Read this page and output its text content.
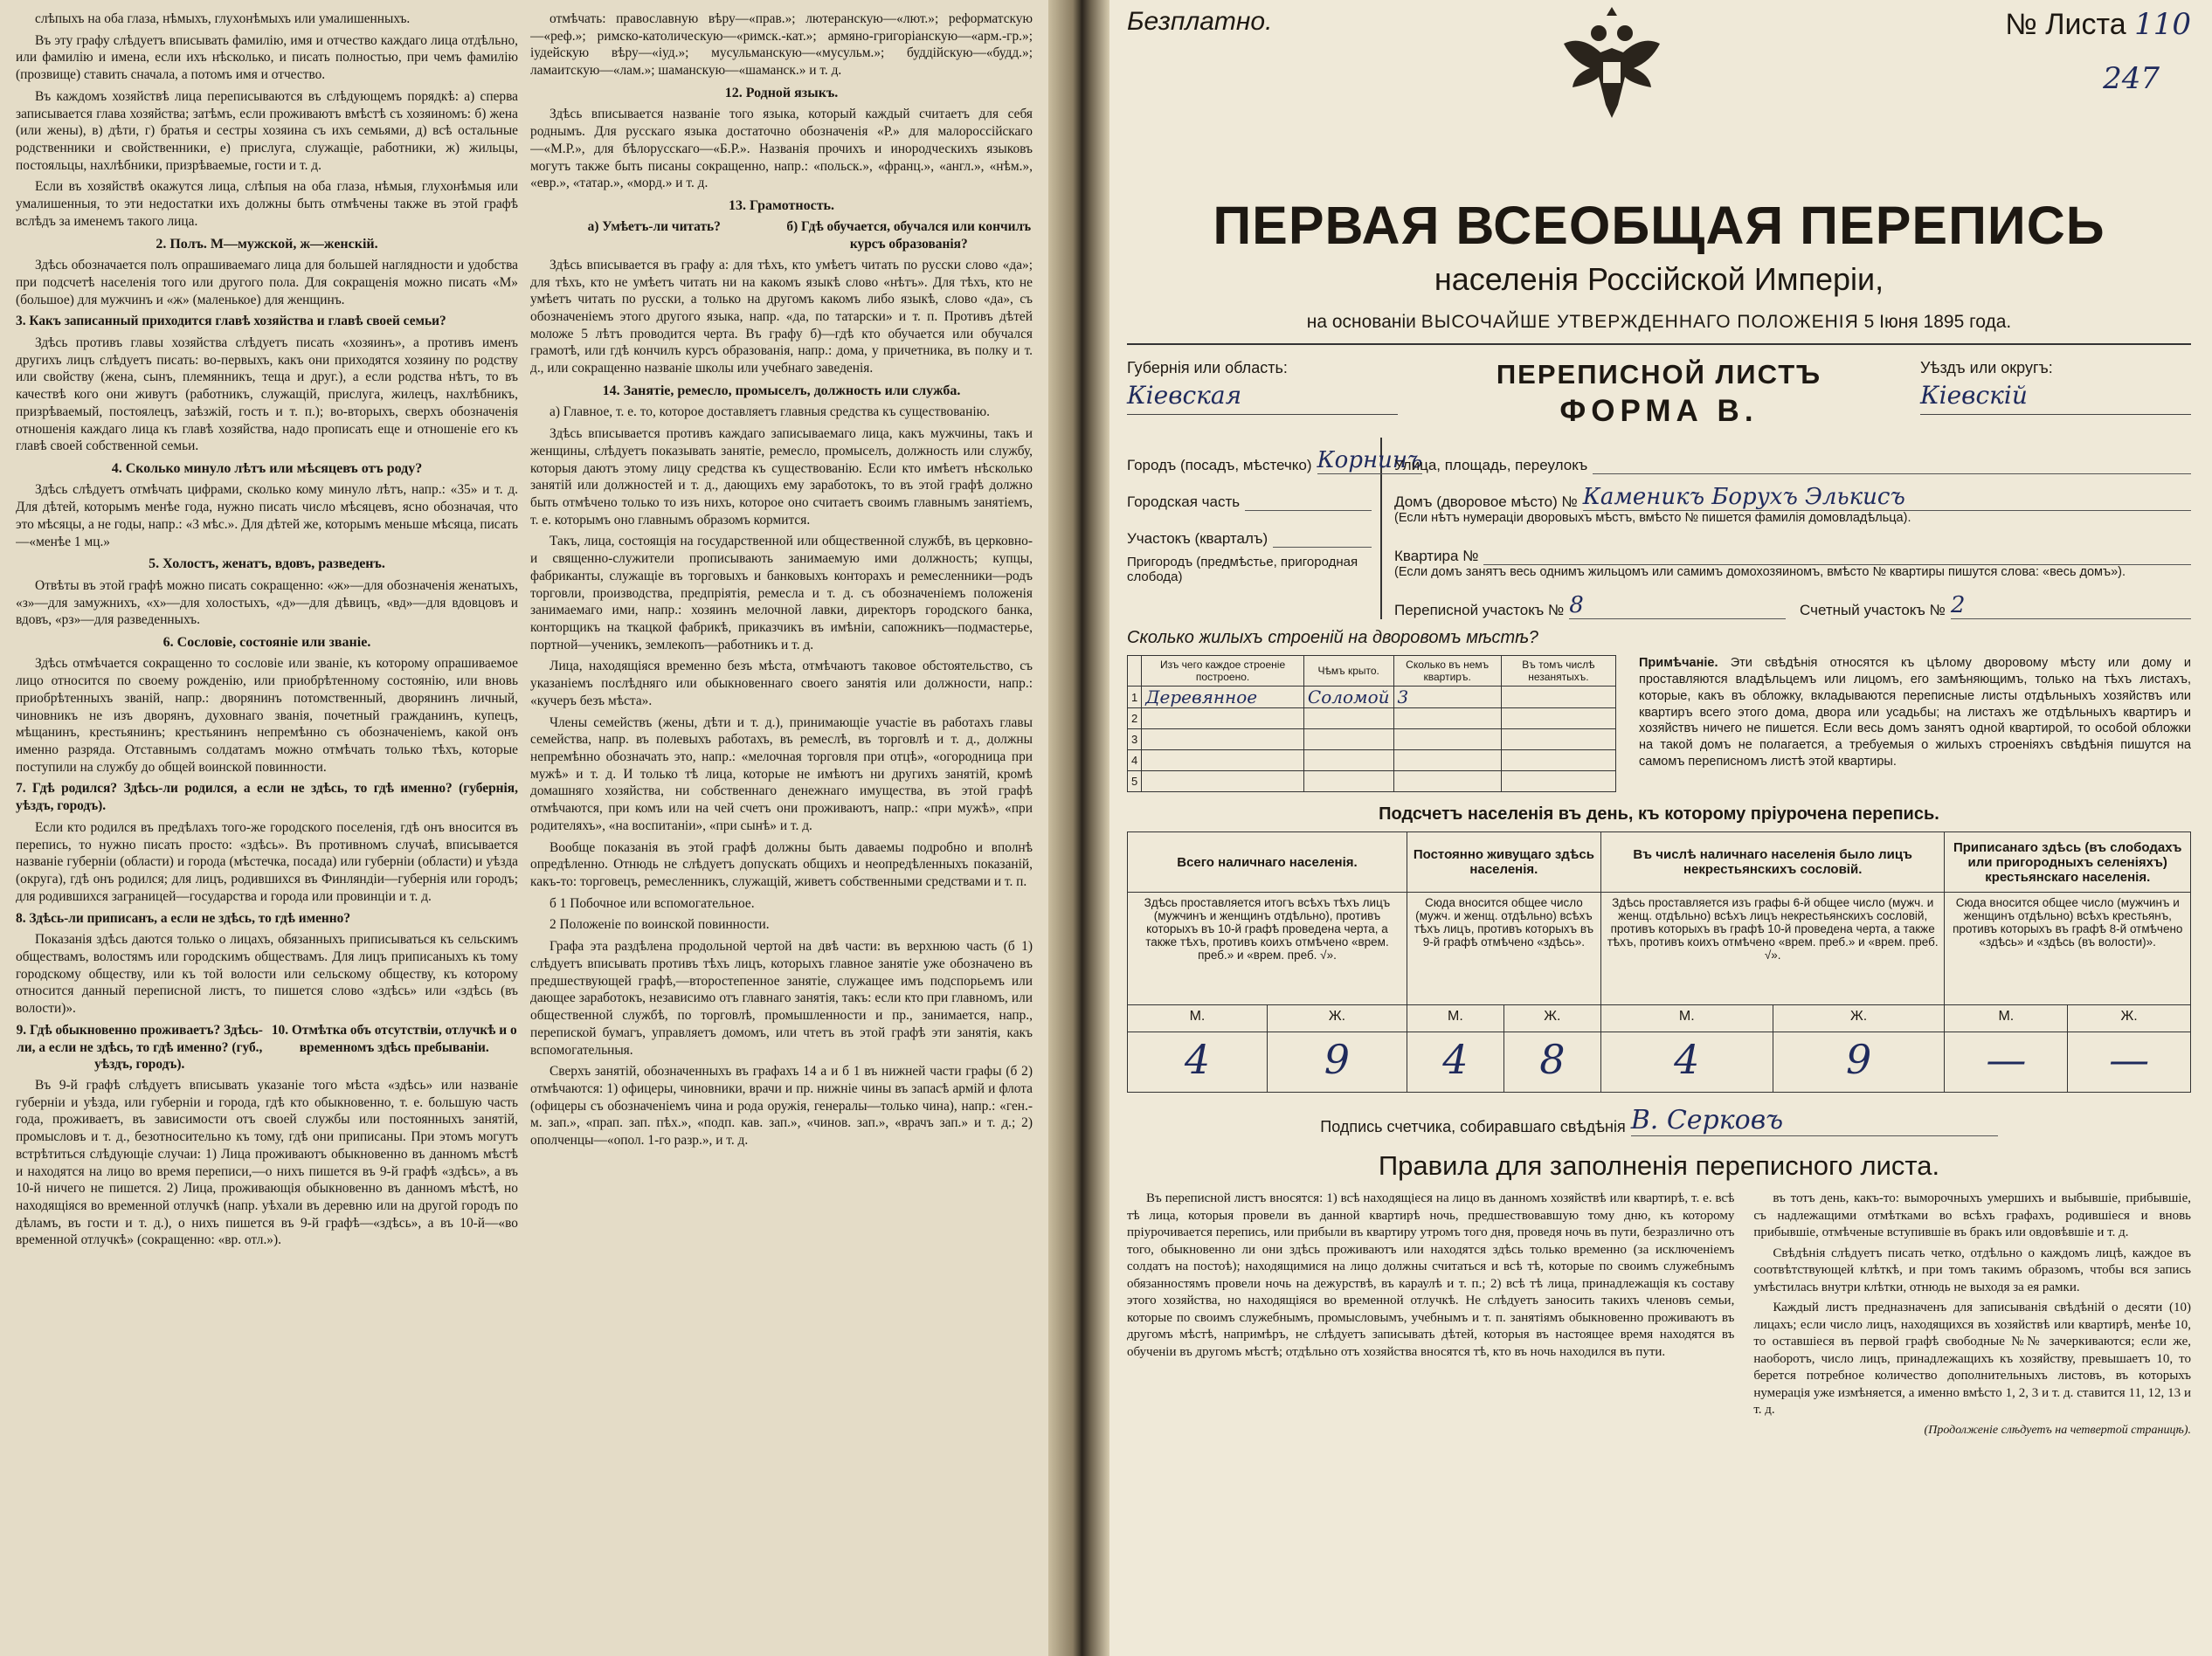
слѣпыхъ на оба глаза, нѣмыхъ, глухонѣмыхъ или умалишенныхъ.

Въ эту графу слѣдуетъ вписывать фамилію, имя и отчество каждаго лица отдѣльно, или фамилію и имена, если ихъ нѣсколько, и писать полностью, при чемъ фамилію (прозвище) ставить сначала, а потомъ имя и отчество.

Въ каждомъ хозяйствѣ лица переписываются въ слѣдующемъ порядкѣ: а) сперва записывается глава хозяйства; затѣмъ, если проживаютъ вмѣстѣ съ хозяиномъ: б) жена (или жены), в) дѣти, г) братья и сестры хозяина съ ихъ семьями, д) всѣ остальные родственники и свойственники, е) прислуга, служащіе, работники, ж) жильцы, постояльцы, нахлѣбники, призрѣваемые, гости и т. д.

Если въ хозяйствѣ окажутся лица, слѣпыя на оба глаза, нѣмыя, глухонѣмыя или умалишенныя, то эти недостатки ихъ должны быть отмѣчены также въ этой графѣ вслѣдъ за именемъ такого лица.

2. Полъ. М—мужской, ж—женскій.

Здѣсь обозначается полъ опрашиваемаго лица для большей наглядности и удобства при подсчетѣ населенія того или другого пола. Для сокращенія можно писать «М» (большое) для мужчинъ и «ж» (маленькое) для женщинъ.

3. Какъ записанный приходится главѣ хозяйства и главѣ своей семьи?

Здѣсь противъ главы хозяйства слѣдуетъ писать «хозяинъ», а противъ именъ другихъ лицъ слѣдуетъ писать: во-первыхъ, какъ они приходятся хозяину по родству или свойству (жена, сынъ, племянникъ, теща и друг.), а если родства нѣтъ, то въ качествѣ кого они живутъ (работникъ, служащій, прислуга, жилецъ, нахлѣбникъ, призрѣваемый, постоялецъ, заѣзжій, гость и т. п.); во-вторыхъ, сверхъ обозначенія отношенія каждаго лица къ главѣ хозяйства, надо прописать еще и отношеніе его къ главѣ своей собственной семьи.

4. Сколько минуло лѣтъ или мѣсяцевъ отъ роду?

Здѣсь слѣдуетъ отмѣчать цифрами, сколько кому минуло лѣтъ, напр.: «35» и т. д. Для дѣтей, которымъ менѣе года, нужно писать число мѣсяцевъ, ясно обозначая, что это мѣсяцы, а не годы, напр.: «3 мѣс.». Для дѣтей же, которымъ меньше мѣсяца, писать—«менѣе 1 мц.»

5. Холостъ, женатъ, вдовъ, разведенъ.

Отвѣты въ этой графѣ можно писать сокращенно: «ж»—для обозначенія женатыхъ, «з»—для замужнихъ, «х»—для холостыхъ, «д»—для дѣвицъ, «вд»—для вдовцовъ и вдовъ, «рз»—для разведенныхъ.

6. Сословіе, состояніе или званіе.

Здѣсь отмѣчается сокращенно то сословіе или званіе, къ которому опрашиваемое лицо относится по своему рожденію, или приобрѣтенному состоянію, или вновь приобрѣтенныхъ званій, напр.: дворянинъ потомственный, дворянинъ личный, чиновникъ не изъ дворянъ, духовнаго званія, почетный гражданинъ, купецъ, мѣщанинъ, крестьянинъ; крестьянинъ непремѣнно съ обозначеніемъ, какой онъ именно разряда. Отставнымъ солдатамъ можно отмѣчать только тѣхъ, которые поступили на службу до общей воинской повинности.

7. Гдѣ родился? Здѣсь-ли родился, а если не здѣсь, то гдѣ именно? (губернія, уѣздъ, городъ).

Если кто родился въ предѣлахъ того-же городского поселенія, гдѣ онъ вносится въ перепись, то нужно писать просто: «здѣсь». Въ противномъ случаѣ, вписывается названіе губерніи (области) и города (мѣстечка, посада) или губерніи (области) и уѣзда (округа), гдѣ онъ родился; для лицъ, родившихся въ Финляндіи—губернія или городъ; для родившихся заграницей—государства и города или провинціи и т. д.

8. Здѣсь-ли приписанъ, а если не здѣсь, то гдѣ именно?

Показанія здѣсь даются только о лицахъ, обязанныхъ приписываться къ сельскимъ обществамъ, волостямъ или городскимъ обществамъ. Для лицъ приписаныхъ къ тому городскому обществу, или къ той волости или сельскому обществу, къ которому относится данный переписной листъ, то пишется слово «здѣсь» или «здѣсь (въ волости)».

9. Гдѣ обыкновенно проживаетъ? Здѣсь-ли, а если не здѣсь, то гдѣ именно? (губ., уѣздъ, городъ).
10. Отмѣтка объ отсутствіи, отлучкѣ и о временномъ здѣсь пребываніи.

Въ 9-й графѣ слѣдуетъ вписывать указаніе того мѣста «здѣсь» или названіе губерніи и уѣзда, или губерніи и города, гдѣ кто обыкновенно, т. е. большую часть года, проживаетъ, въ зависимости отъ своей службы или постоянныхъ занятій, промысловъ и т. д., безотносительно къ тому, гдѣ они приписаны. При этомъ могутъ встрѣтиться слѣдующіе случаи: 1) Лица проживаютъ обыкновенно въ данномъ мѣстѣ и находятся на лицо во время переписи,—о нихъ пишется въ 9-й графѣ «здѣсь», а въ 10-й ничего не пишется. 2) Лица, проживающія обыкновенно въ данномъ мѣстѣ, но находящіяся во временной отлучкѣ (напр. уѣхали въ деревню или на другой городъ по дѣламъ, въ гости и т. д.), о нихъ пишется въ 9-й графѣ—«здѣсь», а въ 10-й—«во временной отлучкѣ» (сокращенно: «вр. отл.»).

отмѣчать: православную вѣру—«прав.»; лютеранскую—«лют.»; реформатскую—«реф.»; римско-католическую—«римск.-кат.»; армяно-григоріанскую—«арм.-гр.»; іудейскую вѣру—«іуд.»; мусульманскую—«мусульм.»; буддійскую—«будд.»; ламаитскую—«лам.»; шаманскую—«шаманск.» и т. д.

12. Родной языкъ.

Здѣсь вписывается названіе того языка, который каждый считаетъ для себя роднымъ. Для русскаго языка достаточно обозначенія «Р.» для малороссійскаго—«М.Р.», для бѣлорусскаго—«Б.Р.». Названія прочихъ и инородческихъ языковъ могутъ также быть писаны сокращенно, напр.: «польск.», «франц.», «англ.», «нѣм.», «евр.», «татар.», «морд.» и т. д.

13. Грамотность.

а) Умѣетъ-ли читать?	б) Гдѣ обучается, обучался или кончилъ курсъ образованія?

Здѣсь вписывается въ графу а: для тѣхъ, кто умѣетъ читать по русски слово «да»; для тѣхъ, кто не умѣетъ читать ни на какомъ языкѣ слово «нѣтъ». Для тѣхъ, кто не умѣетъ читать по русски, а только на другомъ какомъ либо языкѣ, слово «да», съ обозначеніемъ этого другого языка, напр. «да, по татарски» и т. п. Противъ дѣтей моложе 5 лѣтъ проводится черта. Въ графу б)—гдѣ кто обучается или обучался грамотѣ, или гдѣ кончилъ курсъ образованія, напр.: дома, у причетника, въ полку и т. д., или сокращенно названіе школы или учебнаго заведенія.

14. Занятіе, ремесло, промыселъ, должность или служба.

а) Главное, т. е. то, которое доставляетъ главныя средства къ существованію.

Здѣсь вписывается противъ каждаго записываемаго лица, какъ мужчины, такъ и женщины, слѣдуетъ показывать занятіе, ремесло, промыселъ, должность или службу, которыя даютъ этому лицу средства къ существованію. Если кто имѣетъ нѣсколько занятій или должностей и т. д., дающихъ ему заработокъ, то въ этой графѣ должно быть отмѣчено только то изъ нихъ, которое оно считаетъ своимъ главнымъ занятіемъ, т. е. которымъ оно главнымъ образомъ кормится.

Такъ, лица, состоящія на государственной или общественной службѣ, въ церковно-и священно-служители прописывають занимаемую ими должность; купцы, фабриканты, служащіе въ торговыхъ и банковыхъ конторахъ и ремесленники—родъ торговли, производства, предпріятія, ремесла и т. д. съ обозначеніемъ положенія занимаемаго ими, напр.: хозяинъ мелочной лавки, директоръ городского банка, конторщикъ на ткацкой фабрикѣ, приказчикъ въ имѣніи, сапожникъ—подмастерье, портной—ученикъ, землекопъ—работникъ и т. д.

Лица, находящіяся временно безъ мѣста, отмѣчаютъ таковое обстоятельство, съ указаніемъ послѣдняго или обыкновеннаго своего занятія или должности, напр.: «кучеръ безъ мѣста».

Члены семействъ (жены, дѣти и т. д.), принимающіе участіе въ работахъ главы семейства, напр. въ полевыхъ работахъ, въ ремеслѣ, въ торговлѣ и т. д., должны непремѣнно обозначать это, напр.: «мелочная торговля при отцѣ», «огородница при мужѣ» и т. д. И только тѣ лица, которые не имѣютъ ни другихъ занятій, кромѣ домашняго хозяйства, ни собственнаго денежнаго имущества, въ этой графѣ отмѣчаются, при комъ или на чей счетъ они проживаютъ, напр.: «при мужѣ», «при родителяхъ», «на воспитаніи», «при сынѣ» и т. д.

Вообще показанія въ этой графѣ должны быть даваемы подробно и вполнѣ опредѣленно. Отнюдь не слѣдуетъ допускать общихъ и неопредѣленныхъ показаній, какъ-то: торговецъ, ремесленникъ, служащій, живетъ собственными средствами и т. п.

б 1 Побочное или вспомогательное.

2 Положеніе по воинской повинности.

Графа эта раздѣлена продольной чертой на двѣ части: въ верхнюю часть (б 1) слѣдуетъ вписывать противъ тѣхъ лицъ, которыхъ главное занятіе уже обозначено въ предшествующей графѣ,—второстепенное занятіе, служащее имъ подспорьемъ или дающее заработокъ, независимо отъ главнаго занятія, такъ: если кто при главномъ, или общественной службѣ, по торговлѣ, промышленности и пр., занимается, напр., перепиской бумагъ, управляетъ домомъ, или чтетъ въ этой графѣ эти занятія, какъ вспомогательныя.

Сверхъ занятій, обозначенныхъ въ графахъ 14 а и б 1 въ нижней части графы (б 2) отмѣчаются: 1) офицеры, чиновники, врачи и пр. нижніе чины въ запасѣ армій и флота (офицеры съ обозначеніемъ чина и рода оружія, генералы—только чина), напр.: «ген.-м. зап.», «прап. зап. пѣх.», «подп. кав. зап.», «чинов. зап.», «врачъ зап.» и т. д.; 2) ополченцы—«опол. 1-го разр.», и т. д.

Безплатно.	№ Листа 110
247
ПЕРВАЯ ВСЕОБЩАЯ ПЕРЕПИСЬ
населенія Россійской Имперіи,
на основаніи ВЫСОЧАЙШЕ УТВЕРЖДЕННАГО ПОЛОЖЕНІЯ 5 Іюня 1895 года.
Губернія или область:
Кіевская
ПЕРЕПИСНОЙ ЛИСТЪ
ФОРМА В.
Уѣздъ или округъ:
Кіевскій
Городъ (посадъ, мѣстечко) Корнинъ
Городская часть
Участокъ (кварталъ)
Пригородъ (предмѣстье, пригородная слобода)
Улица, площадь, переулокъ
Домъ (дворовое мѣсто) № Каменикъ Борухъ Элькисъ

(Если нѣтъ нумераціи дворовыхъ мѣстъ, вмѣсто № пишется фамилія домовладѣльца).

Квартира №

(Если домъ занятъ весь однимъ жильцомъ или самимъ домохозяиномъ, вмѣсто № квартиры пишутся слова: «весь домъ»).

Переписной участокъ № 8	Счетный участокъ № 2
Сколько жилыхъ строеній на дворовомъ мѣстѣ?
	Изъ чего каждое строеніе построено.	Чѣмъ крыто.	Сколько въ немъ квартиръ.	Въ томъ числѣ незанятыхъ.
1	Деревянное	Соломой	3	
2				
3				
4				
5				
Примѣчаніе. Эти свѣдѣнія относятся къ цѣлому дворовому мѣсту или дому и проставляются владѣльцемъ или лицомъ, его замѣняющимъ, только на тѣхъ листахъ, которые, какъ въ обложку, вкладываются переписные листы отдѣльныхъ хозяйствъ или квартиръ всего этого дома, двора или усадьбы; на листахъ же отдѣльныхъ квартиръ и хозяйствъ ничего не пишется. Если весь домъ занятъ одной квартирой, то особой обложки на такой домъ не полагается, а требуемыя о жилыхъ строеніяхъ свѣдѣнія пишутся на самомъ переписномъ листѣ этой квартиры.
Подсчетъ населенія въ день, къ которому пріурочена перепись.
Всего наличнаго населенія.		Постоянно живущаго здѣсь населенія.		Въ числѣ наличнаго населенія было лицъ некрестьянскихъ сословій.		Приписанаго здѣсь (въ слободахъ или пригородныхъ селеніяхъ) крестьянскаго населенія.	
Здѣсь проставляется итогъ всѣхъ тѣхъ лицъ (мужчинъ и женщинъ отдѣльно), противъ которыхъ въ 10-й графѣ проведена черта, а также тѣхъ, противъ коихъ отмѣчено «врем. преб.» и «врем. преб. √».		Сюда вносится общее число (мужч. и женщ. отдѣльно) всѣхъ тѣхъ лицъ, противъ которыхъ въ 9-й графѣ отмѣчено «здѣсь».		Здѣсь проставляется изъ графы 6-й общее число (мужч. и женщ. отдѣльно) всѣхъ лицъ некрестьянскихъ сословій, противъ которыхъ въ графѣ 10-й проведена черта, а также тѣхъ, противъ коихъ отмѣчено «врем. преб.» и «врем. преб. √».		Сюда вносится общее число (мужчинъ и женщинъ отдѣльно) всѣхъ крестьянъ, противъ которыхъ въ графѣ 8-й отмѣчено «здѣсь» и «здѣсь (въ волости)».	
М.	Ж.	М.	Ж.	М.	Ж.	М.	Ж.
4	9	4	8	4	9	—	—
Подпись счетчика, собиравшаго свѣдѣнія В. Серковъ
Правила для заполненія переписного листа.

Въ переписной листъ вносятся: 1) всѣ находящіеся на лицо въ данномъ хозяйствѣ или квартирѣ, т. е. всѣ тѣ лица, которыя провели въ данной квартирѣ ночь, предшествовавшую тому дню, къ которому пріурочивается перепись, или прибыли въ квартиру утромъ того дня, проведя ночь въ пути, безразлично отъ того, обыкновенно ли они здѣсь проживаютъ или находятся здѣсь только временно (за исключеніемъ солдатъ на постоѣ); находящимися на лицо должны считаться и всѣ тѣ, которые по своимъ служебнымъ обязанностямъ провели ночь на дежурствѣ, въ караулѣ и т. п.; 2) всѣ тѣ лица, принадлежащія къ составу этого хозяйства, но находящіяся во временной отлучкѣ. Не слѣдуетъ заносить такихъ членовъ семьи, которые по своимъ служебнымъ, промысловымъ, учебнымъ и т. п. занятіямъ обыкновенно проживаютъ въ другомъ мѣстѣ, напримѣръ, не слѣдуетъ записывать дѣтей, которыя въ настоящее время находятся въ обученіи въ другомъ мѣстѣ; отдѣльно отъ хозяйства вносятся тѣ, кто въ ночь находился въ пути.

въ тотъ день, какъ-то: выморочныхъ умершихъ и выбывшіе, прибывшіе, съ надлежащими отмѣтками во всѣхъ графахъ, родившіеся и вновь прибывшіе, отмѣченые вступившіе въ бракъ или овдовѣвшіе и т. д.

Свѣдѣнія слѣдуетъ писать четко, отдѣльно о каждомъ лицѣ, каждое въ соотвѣтствующей клѣткѣ, и при томъ такимъ образомъ, чтобы вся запись умѣстилась внутри клѣтки, отнюдь не выходя за ея рамки.

Каждый листъ предназначенъ для записыванія свѣдѣній о десяти (10) лицахъ; если число лицъ, находящихся въ хозяйствѣ или квартирѣ, менѣе 10, то оставшіеся въ первой графѣ свободные №№ зачеркиваются; если же, наоборотъ, число лицъ, принадлежащихъ къ хозяйству, превышаетъ 10, то берется потребное количество дополнительныхъ листовъ, въ которыхъ нумерація уже измѣняется, а именно вмѣсто 1, 2, 3 и т. д. ставится 11, 12, 13 и т. д.

(Продолженіе слѣдуетъ на четвертой страницѣ).
